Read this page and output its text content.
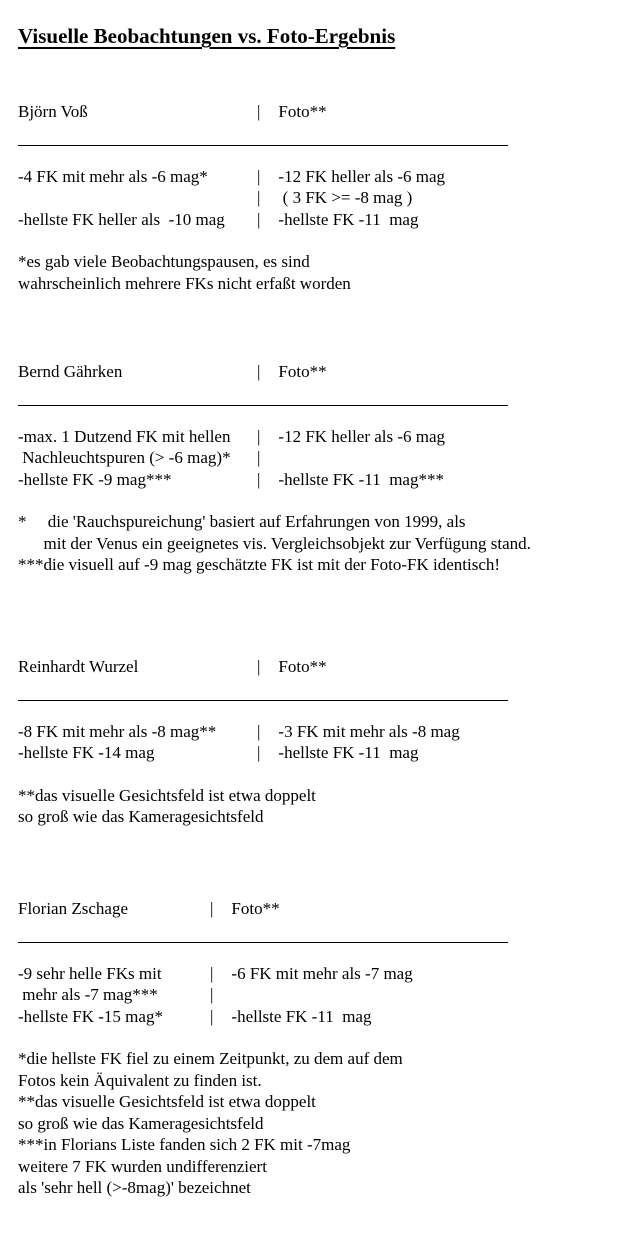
Visuelle Beobachtungen vs. Foto-Ergebnis
Björn Voß	| Foto**
-4 FK mit mehr als -6 mag*	| -12 FK heller als -6 mag
| ( 3 FK >= -8 mag )
-hellste FK heller als  -10 mag	| -hellste FK -11  mag
*es gab viele Beobachtungspausen, es sind
wahrscheinlich mehrere FKs nicht erfaßt worden
Bernd Gährken	| Foto**
-max. 1 Dutzend FK mit hellen	| -12 FK heller als -6 mag
Nachleuchtspuren (> -6 mag)*	|
-hellste FK -9 mag***	| -hellste FK -11  mag***
*     die 'Rauchspureichung' basiert auf Erfahrungen von 1999, als
mit der Venus ein geeignetes vis. Vergleichsobjekt zur Verfügung stand.
***die visuell auf -9 mag geschätzte FK ist mit der Foto-FK identisch!
Reinhardt Wurzel	| Foto**
-8 FK mit mehr als -8 mag**	| -3 FK mit mehr als -8 mag
-hellste FK -14 mag	| -hellste FK -11  mag
**das visuelle Gesichtsfeld ist etwa doppelt
so groß wie das Kameragesichtsfeld
Florian Zschage	| Foto**
-9 sehr helle FKs mit	| -6 FK mit mehr als -7 mag
mehr als -7 mag***	|
-hellste FK -15 mag*	| -hellste FK -11  mag
*die hellste FK fiel zu einem Zeitpunkt, zu dem auf dem
Fotos kein Äquivalent zu finden ist.
**das visuelle Gesichtsfeld ist etwa doppelt
so groß wie das Kameragesichtsfeld
***in Florians Liste fanden sich 2 FK mit -7mag
weitere 7 FK wurden undifferenziert
als 'sehr hell (>-8mag)' bezeichnet
